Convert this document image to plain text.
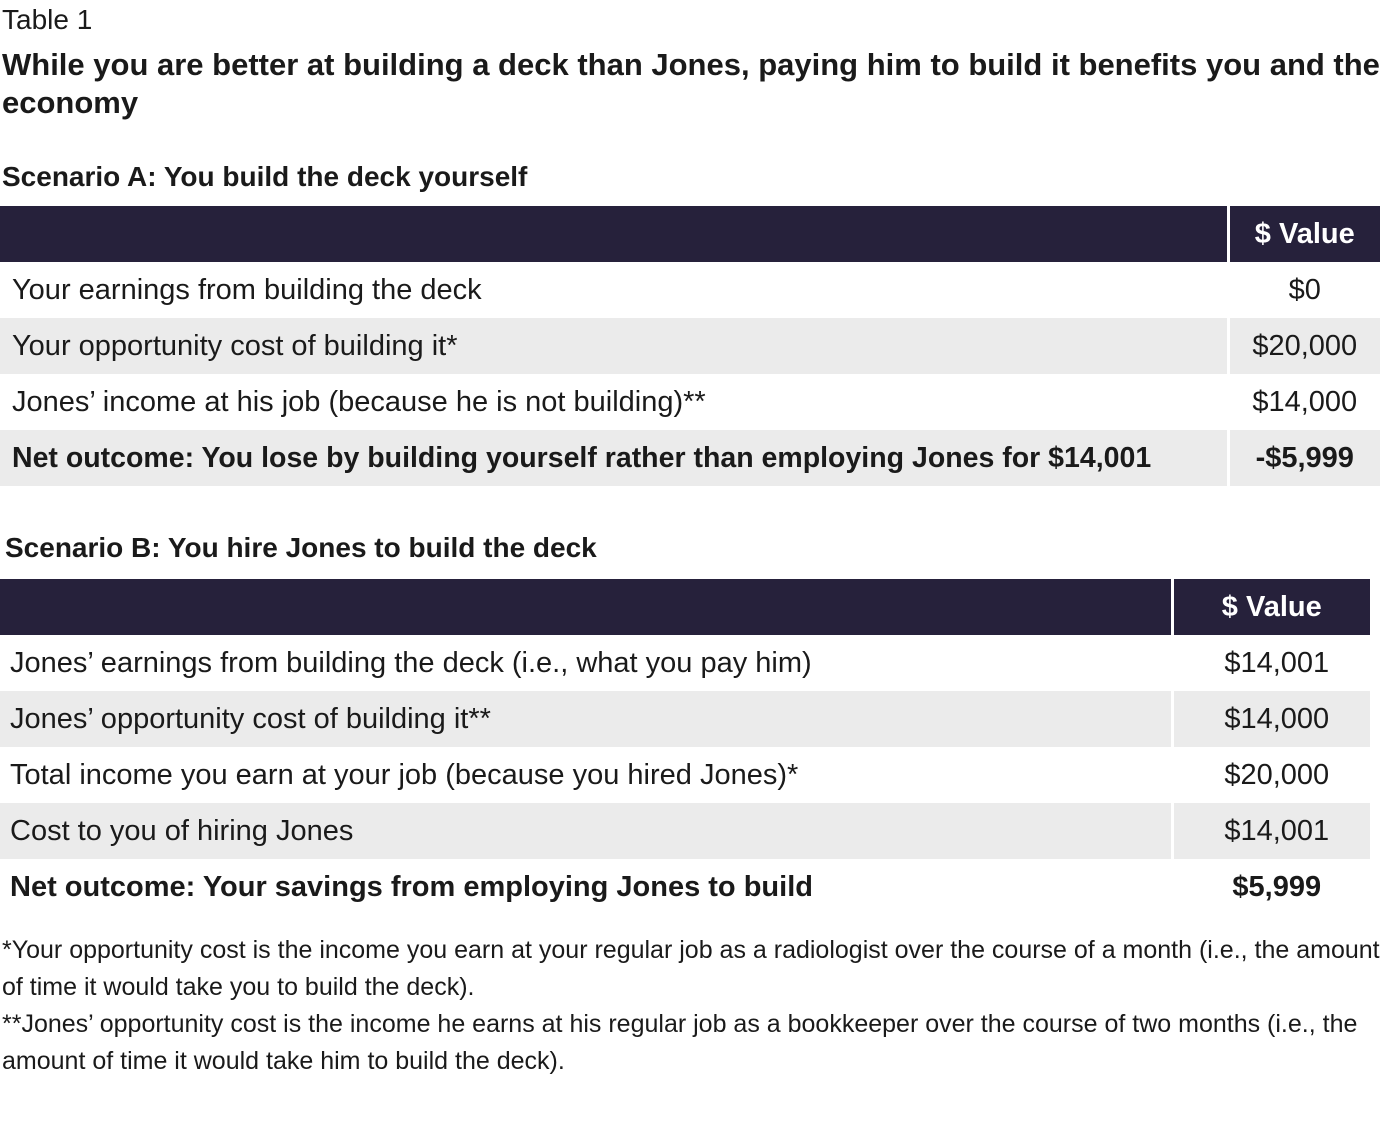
Table 1
While you are better at building a deck than Jones, paying him to build it benefits you and the economy
Scenario A: You build the deck yourself
	$ Value
Your earnings from building the deck	$0
Your opportunity cost of building it*	$20,000
Jones’ income at his job (because he is not building)**	$14,000
Net outcome: You lose by building yourself rather than employing Jones for $14,001	-$5,999
Scenario B: You hire Jones to build the deck
	$ Value
Jones’ earnings from building the deck (i.e., what you pay him)	$14,001
Jones’ opportunity cost of building it**	$14,000
Total income you earn at your job (because you hired Jones)*	$20,000
Cost to you of hiring Jones	$14,001
Net outcome: Your savings from employing Jones to build	$5,999

*Your opportunity cost is the income you earn at your regular job as a radiologist over the course of a month (i.e., the amount of time it would take you to build the deck).

**Jones’ opportunity cost is the income he earns at his regular job as a bookkeeper over the course of two months (i.e., the amount of time it would take him to build the deck).
